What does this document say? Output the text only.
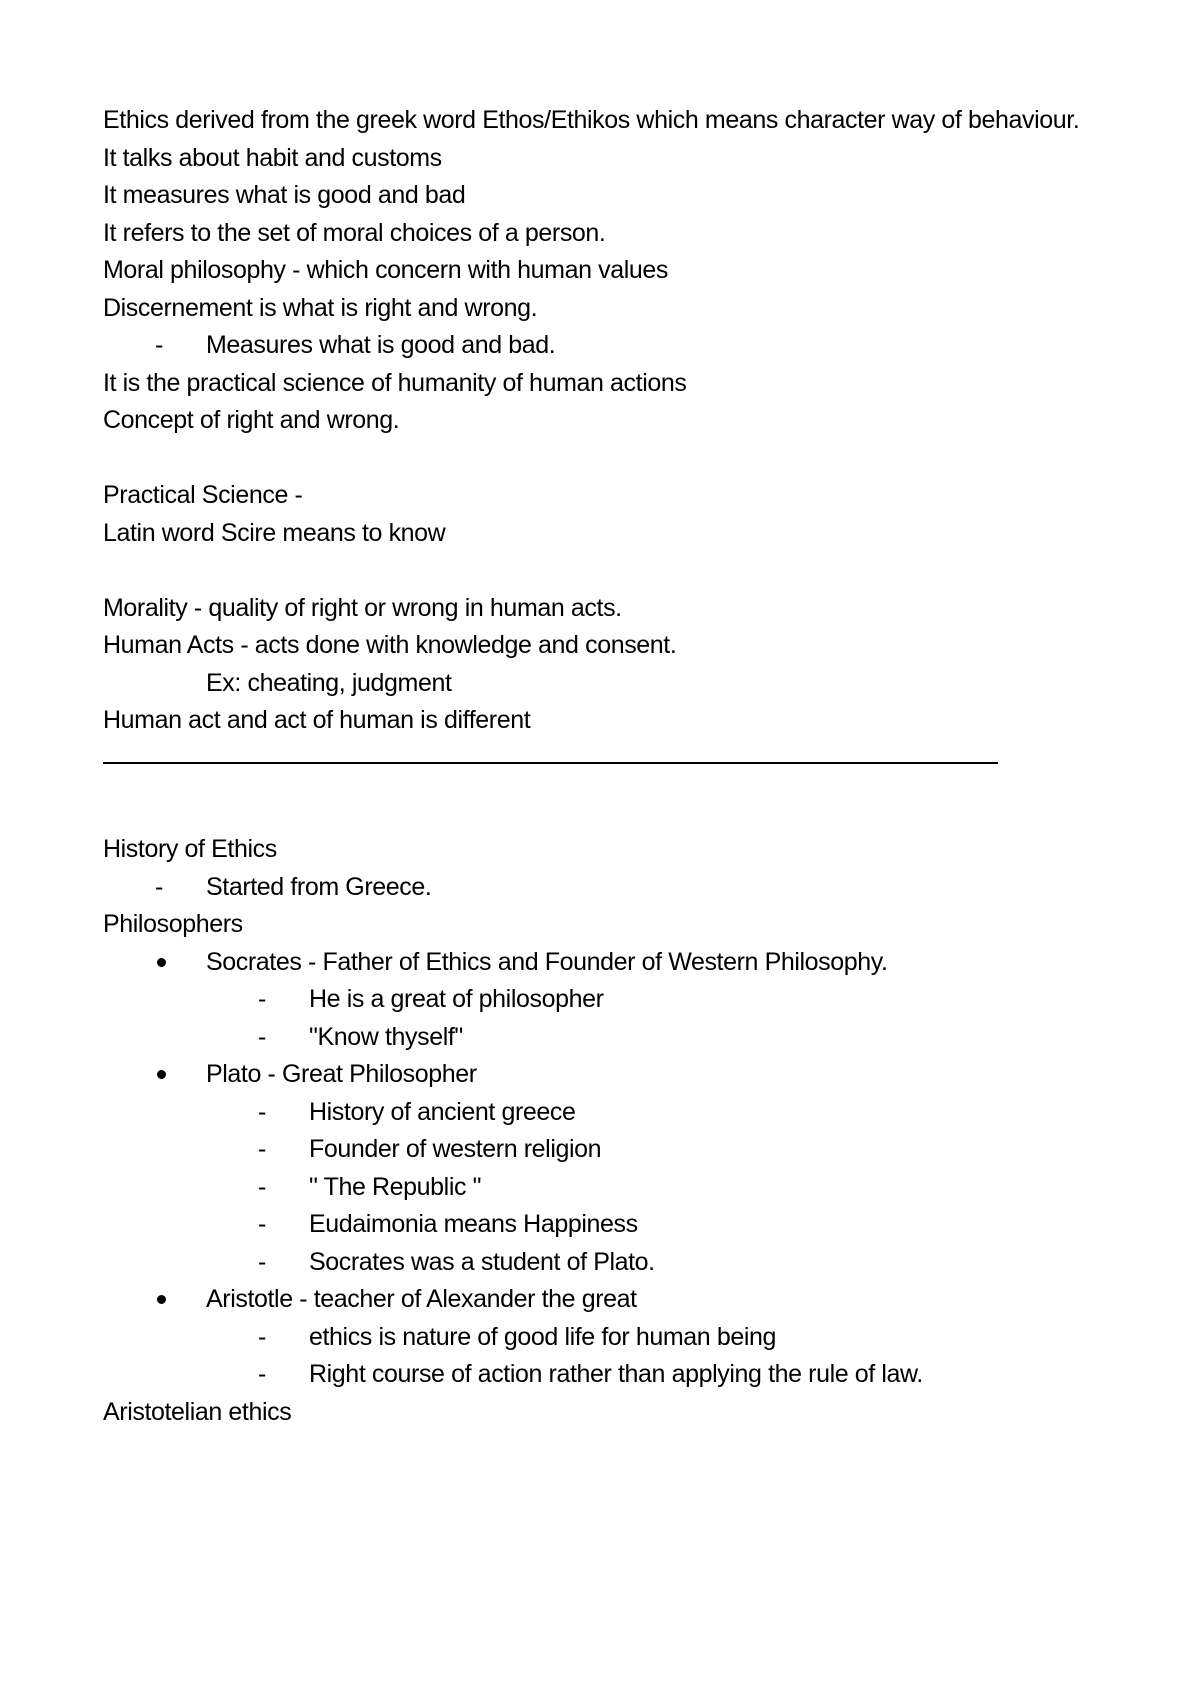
Ethics derived from the greek word Ethos/Ethikos which means character way of behaviour.
It talks about habit and customs
It measures what is good and bad
It refers to the set of moral choices of a person.
Moral philosophy - which concern with human values
Discernement is what is right and wrong.
- Measures what is good and bad.
It is the practical science of humanity of human actions
Concept of right and wrong.
Practical Science -
Latin word Scire means to know
Morality - quality of right or wrong in human acts.
Human Acts - acts done with knowledge and consent.
Ex: cheating, judgment
Human act and act of human is different
History of Ethics
- Started from Greece.
Philosophers
Socrates - Father of Ethics and Founder of Western Philosophy.
- He is a great of philosopher
- "Know thyself"
Plato - Great Philosopher
- History of ancient greece
- Founder of western religion
- " The Republic "
- Eudaimonia means Happiness
- Socrates was a student of Plato.
Aristotle - teacher of Alexander the great
- ethics is nature of good life for human being
- Right course of action rather than applying the rule of law.
Aristotelian ethics
